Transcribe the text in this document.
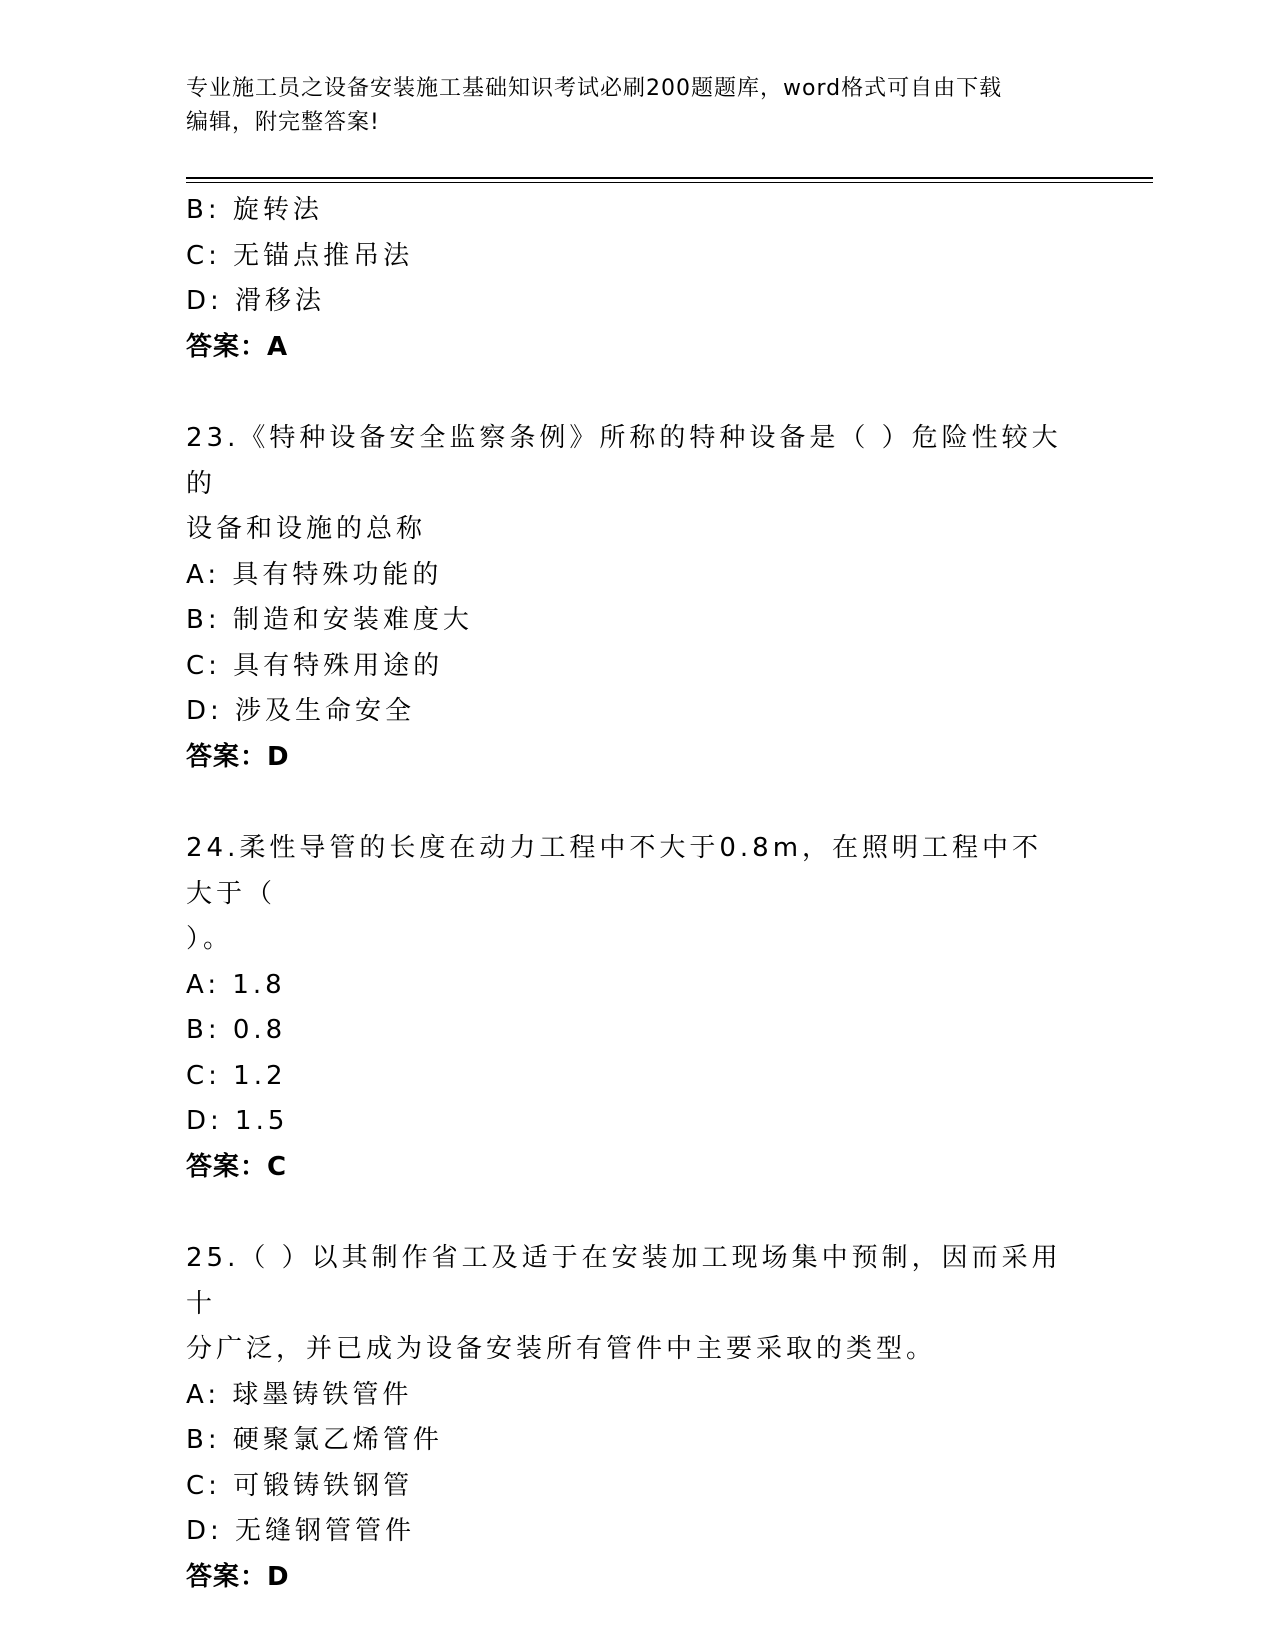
专业施工员之设备安装施工基础知识考试必刷200题题库，word格式可自由下载
编辑，附完整答案!
B: 旋转法
C: 无锚点推吊法
D: 滑移法
答案：A
23.《特种设备安全监察条例》所称的特种设备是（ ）危险性较大的
设备和设施的总称
A: 具有特殊功能的
B: 制造和安装难度大
C: 具有特殊用途的
D: 涉及生命安全
答案：D
24.柔性导管的长度在动力工程中不大于0.8m，在照明工程中不大于（
）。
A: 1.8
B: 0.8
C: 1.2
D: 1.5
答案：C
25.（ ）以其制作省工及适于在安装加工现场集中预制，因而采用十
分广泛，并已成为设备安装所有管件中主要采取的类型。
A: 球墨铸铁管件
B: 硬聚氯乙烯管件
C: 可锻铸铁钢管
D: 无缝钢管管件
答案：D
